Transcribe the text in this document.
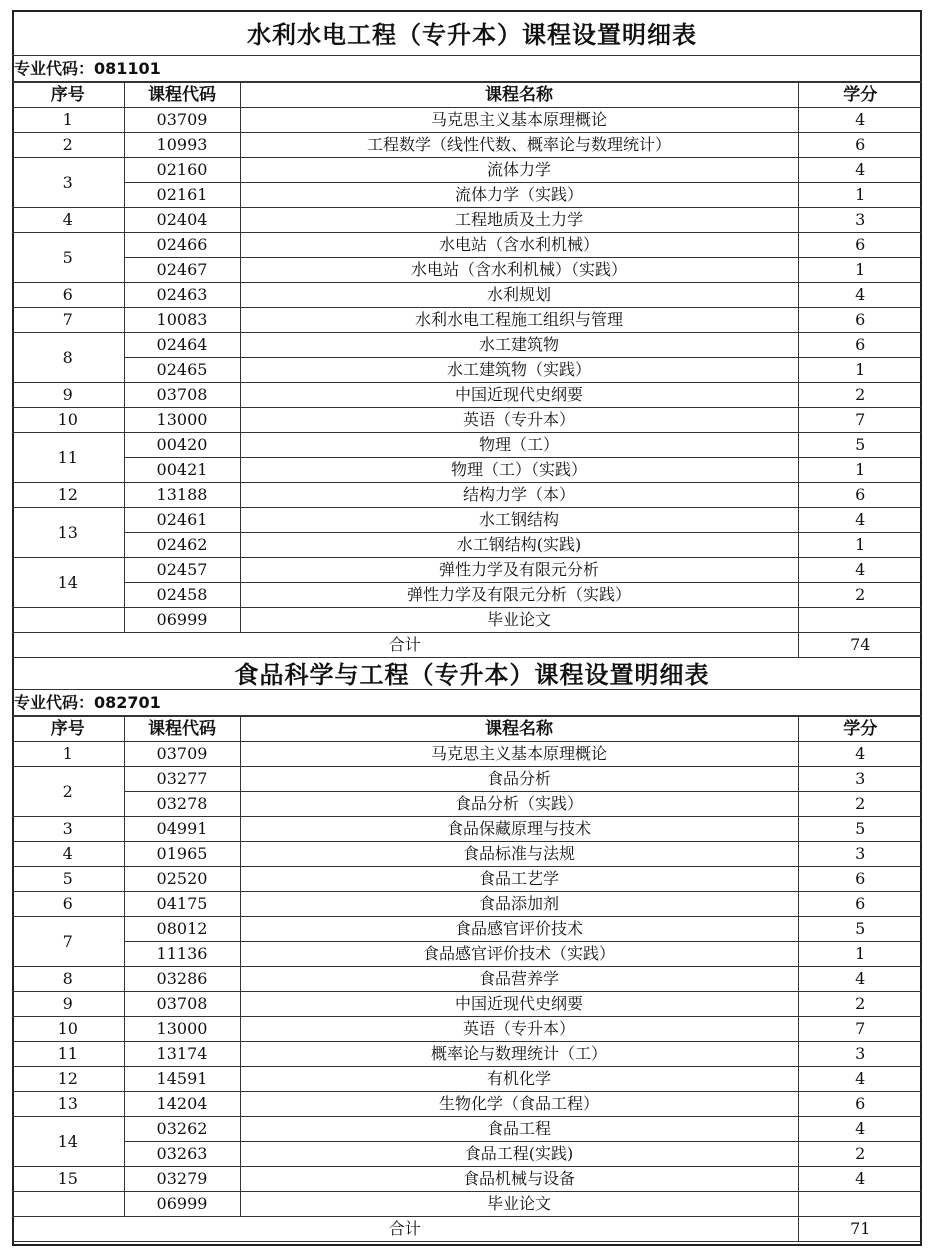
水利水电工程（专升本）课程设置明细表
专业代码：081101
序号	课程代码	课程名称	学分
1	03709	马克思主义基本原理概论	4
2	10993	工程数学（线性代数、概率论与数理统计）	6
3	02160	流体力学	4
	02161	流体力学（实践）	1
4	02404	工程地质及土力学	3
5	02466	水电站（含水利机械）	6
	02467	水电站（含水利机械）（实践）	1
6	02463	水利规划	4
7	10083	水利水电工程施工组织与管理	6
8	02464	水工建筑物	6
	02465	水工建筑物（实践）	1
9	03708	中国近现代史纲要	2
10	13000	英语（专升本）	7
11	00420	物理（工）	5
	00421	物理（工）（实践）	1
12	13188	结构力学（本）	6
13	02461	水工钢结构	4
	02462	水工钢结构(实践)	1
14	02457	弹性力学及有限元分析	4
	02458	弹性力学及有限元分析（实践）	2
	06999	毕业论文	
合计			74
食品科学与工程（专升本）课程设置明细表
专业代码：082701
序号	课程代码	课程名称	学分
1	03709	马克思主义基本原理概论	4
2	03277	食品分析	3
	03278	食品分析（实践）	2
3	04991	食品保藏原理与技术	5
4	01965	食品标准与法规	3
5	02520	食品工艺学	6
6	04175	食品添加剂	6
7	08012	食品感官评价技术	5
	11136	食品感官评价技术（实践）	1
8	03286	食品营养学	4
9	03708	中国近现代史纲要	2
10	13000	英语（专升本）	7
11	13174	概率论与数理统计（工）	3
12	14591	有机化学	4
13	14204	生物化学（食品工程）	6
14	03262	食品工程	4
	03263	食品工程(实践)	2
15	03279	食品机械与设备	4
	06999	毕业论文	
合计			71
